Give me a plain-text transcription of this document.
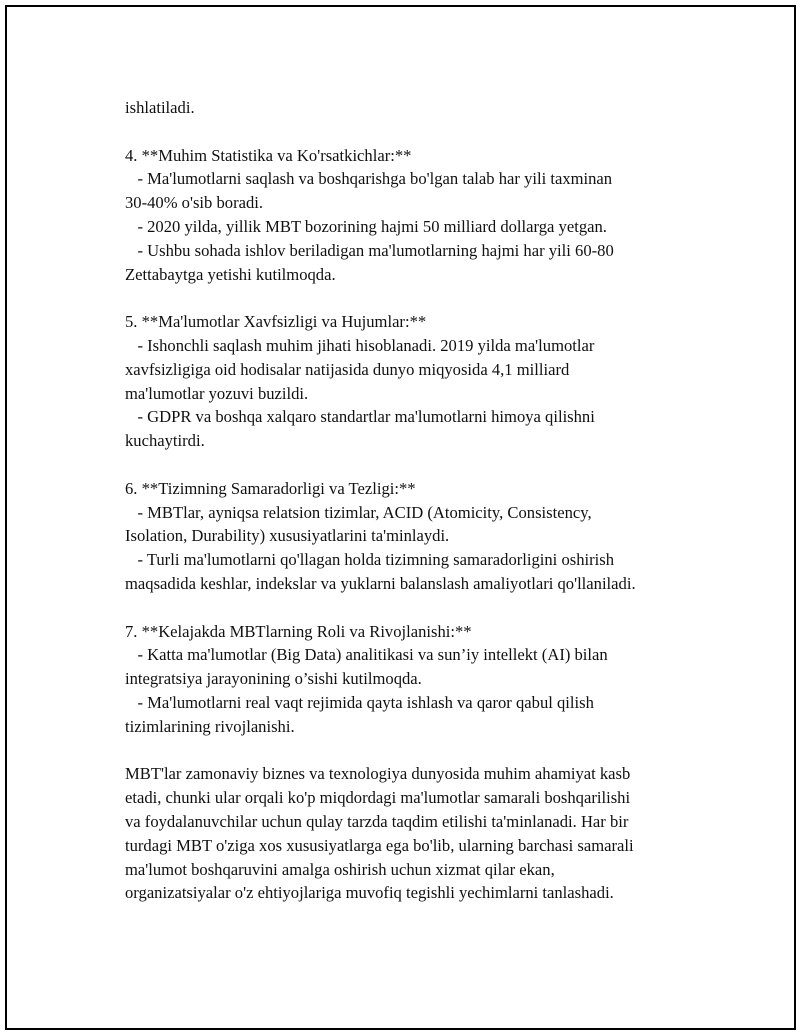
ishlatiladi.

4. **Muhim Statistika va Ko'rsatkichlar:**
- Ma'lumotlarni saqlash va boshqarishga bo'lgan talab har yili taxminan
30-40% o'sib boradi.
- 2020 yilda, yillik MBT bozorining hajmi 50 milliard dollarga yetgan.
- Ushbu sohada ishlov beriladigan ma'lumotlarning hajmi har yili 60-80
Zettabaytga yetishi kutilmoqda.

5. **Ma'lumotlar Xavfsizligi va Hujumlar:**
- Ishonchli saqlash muhim jihati hisoblanadi. 2019 yilda ma'lumotlar
xavfsizligiga oid hodisalar natijasida dunyo miqyosida 4,1 milliard
ma'lumotlar yozuvi buzildi.
- GDPR va boshqa xalqaro standartlar ma'lumotlarni himoya qilishni
kuchaytirdi.

6. **Tizimning Samaradorligi va Tezligi:**
- MBTlar, ayniqsa relatsion tizimlar, ACID (Atomicity, Consistency,
Isolation, Durability) xususiyatlarini ta'minlaydi.
- Turli ma'lumotlarni qo'llagan holda tizimning samaradorligini oshirish
maqsadida keshlar, indekslar va yuklarni balanslash amaliyotlari qo'llaniladi.

7. **Kelajakda MBTlarning Roli va Rivojlanishi:**
- Katta ma'lumotlar (Big Data) analitikasi va sun’iy intellekt (AI) bilan
integratsiya jarayonining o’sishi kutilmoqda.
- Ma'lumotlarni real vaqt rejimida qayta ishlash va qaror qabul qilish
tizimlarining rivojlanishi.

MBT'lar zamonaviy biznes va texnologiya dunyosida muhim ahamiyat kasb
etadi, chunki ular orqali ko'p miqdordagi ma'lumotlar samarali boshqarilishi
va foydalanuvchilar uchun qulay tarzda taqdim etilishi ta'minlanadi. Har bir
turdagi MBT o'ziga xos xususiyatlarga ega bo'lib, ularning barchasi samarali
ma'lumot boshqaruvini amalga oshirish uchun xizmat qilar ekan,
organizatsiyalar o'z ehtiyojlariga muvofiq tegishli yechimlarni tanlashadi.
